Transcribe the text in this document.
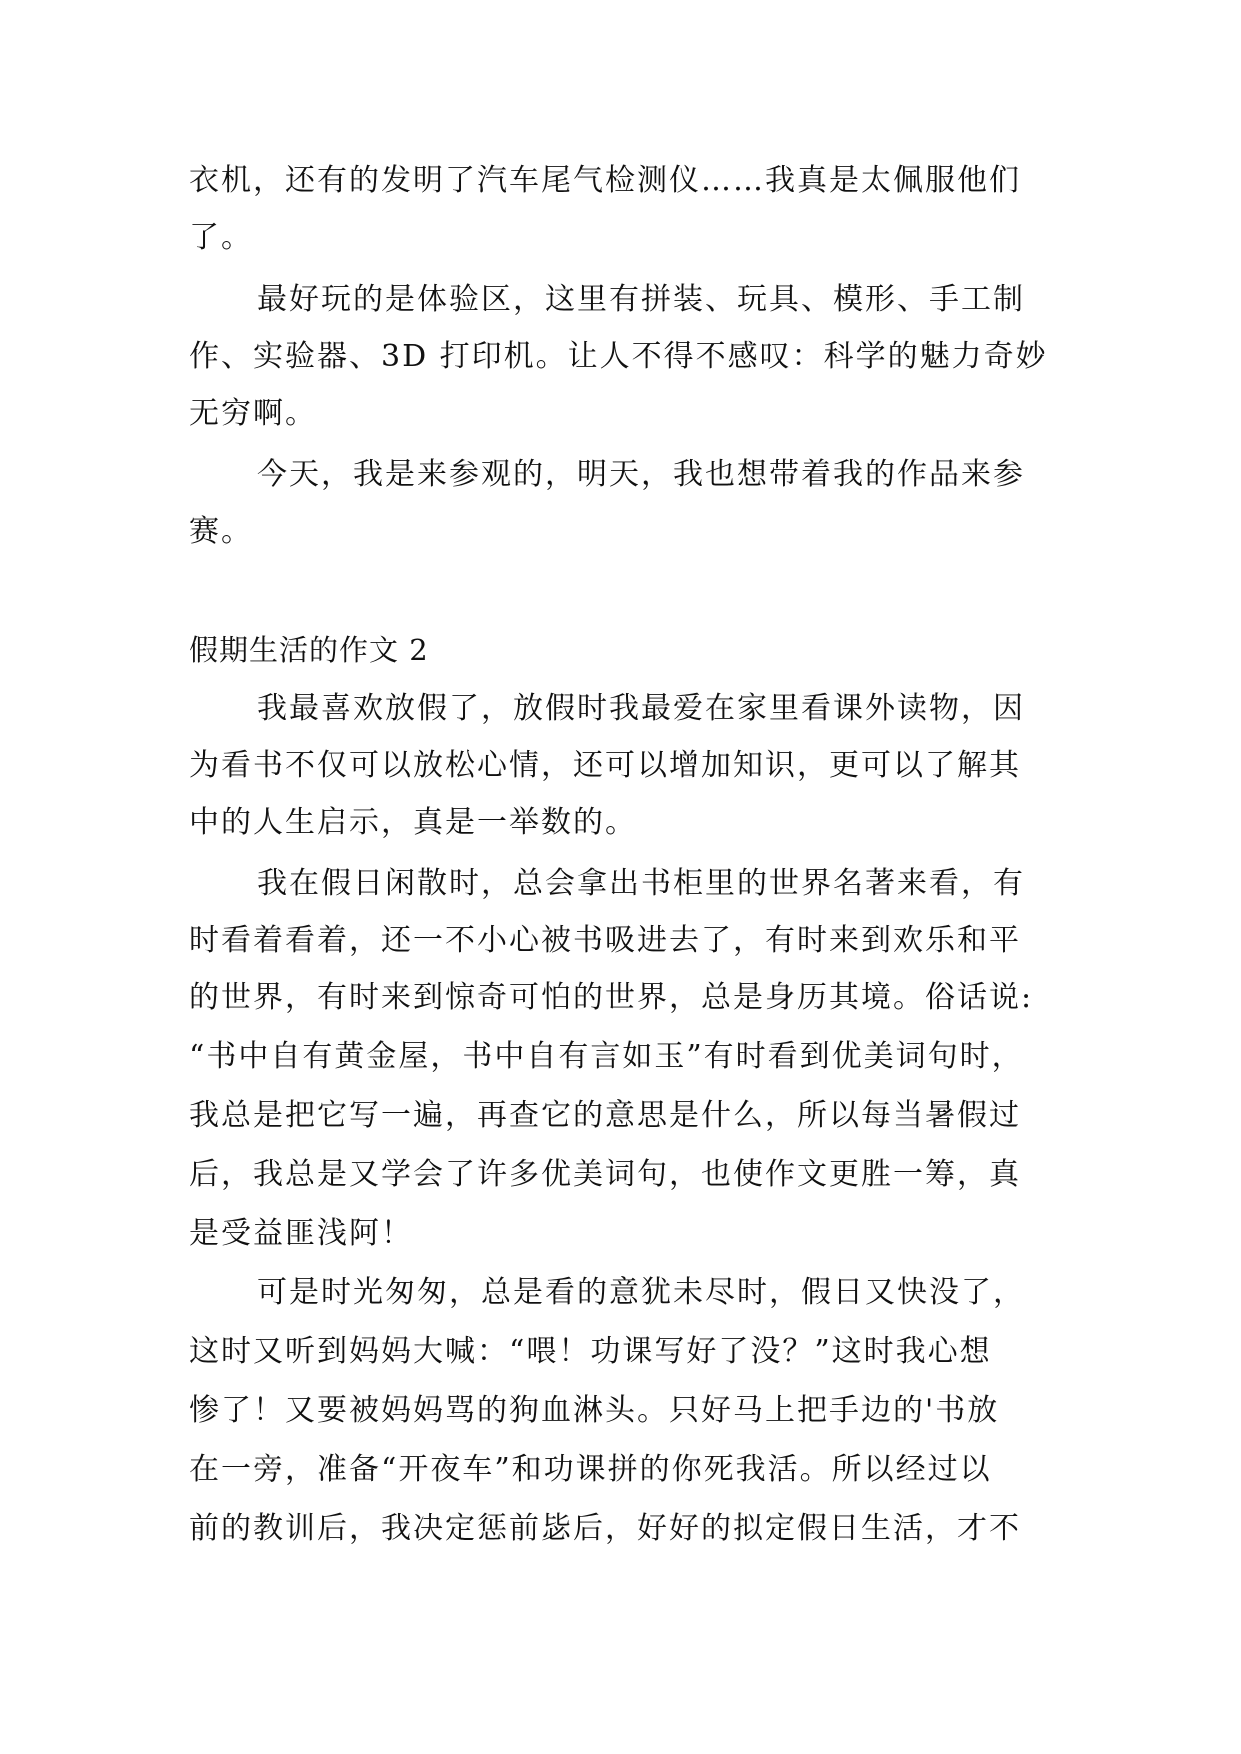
衣机，还有的发明了汽车尾气检测仪……我真是太佩服他们
了。
最好玩的是体验区，这里有拼装、玩具、模形、手工制
作、实验器、3D 打印机。让人不得不感叹：科学的魅力奇妙
无穷啊。
今天，我是来参观的，明天，我也想带着我的作品来参
赛。
假期生活的作文 2
我最喜欢放假了，放假时我最爱在家里看课外读物，因
为看书不仅可以放松心情，还可以增加知识，更可以了解其
中的人生启示，真是一举数的。
我在假日闲散时，总会拿出书柜里的世界名著来看，有
时看着看着，还一不小心被书吸进去了，有时来到欢乐和平
的世界，有时来到惊奇可怕的世界，总是身历其境。俗话说:
“书中自有黄金屋，书中自有言如玉”有时看到优美词句时，
我总是把它写一遍，再查它的意思是什么，所以每当暑假过
后，我总是又学会了许多优美词句，也使作文更胜一筹，真
是受益匪浅阿！
可是时光匆匆，总是看的意犹未尽时，假日又快没了，
这时又听到妈妈大喊：“喂！功课写好了没？”这时我心想
惨了！又要被妈妈骂的狗血淋头。只好马上把手边的'书放
在一旁，准备“开夜车”和功课拼的你死我活。所以经过以
前的教训后，我决定惩前毖后，好好的拟定假日生活，才不
